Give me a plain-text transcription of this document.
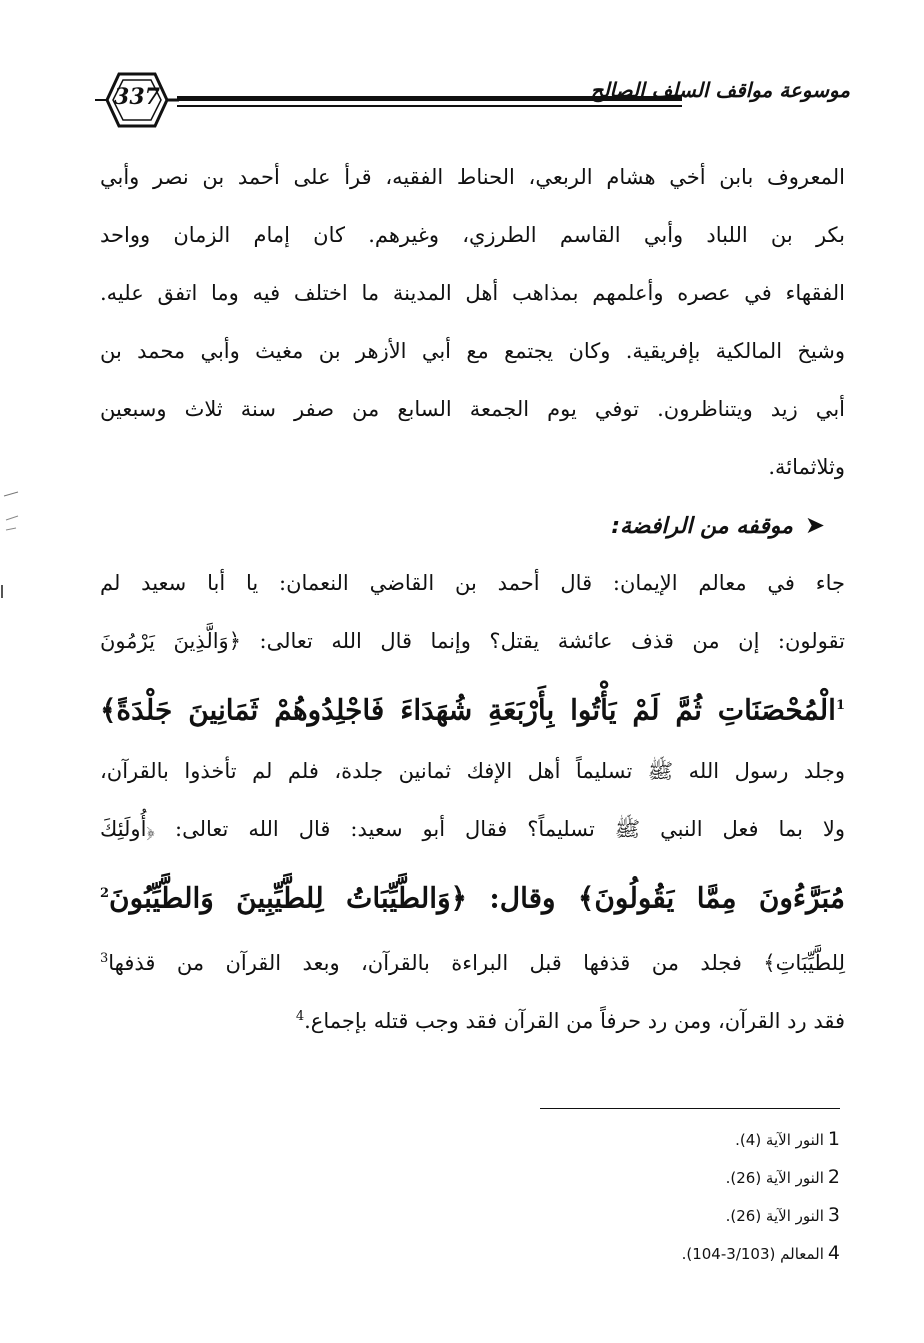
337	موسوعة مواقف السلف الصالح
المعروف بابن أخي هشام الربعي، الحناط الفقيه، قرأ على أحمد بن نصر وأبي
بكر بن اللباد وأبي القاسم الطرزي، وغيرهم. كان إمام الزمان وواحد
الفقهاء في عصره وأعلمهم بمذاهب أهل المدينة ما اختلف فيه وما اتفق عليه.
وشيخ المالكية بإفريقية. وكان يجتمع مع أبي الأزهر بن مغيث وأبي محمد بن
أبي زيد ويتناظرون. توفي يوم الجمعة السابع من صفر سنة ثلاث وسبعين
وثلاثمائة.
➤موقفه من الرافضة:
جاء في معالم الإيمان: قال أحمد بن القاضي النعمان: يا أبا سعيد لم
تقولون: إن من قذف عائشة يقتل؟ وإنما قال الله تعالى: ﴿وَالَّذِينَ يَرْمُونَ
$^1$الْمُحْصَنَاتِ ثُمَّ لَمْ يَأْتُوا بِأَرْبَعَةِ شُهَدَاءَ فَاجْلِدُوهُمْ ثَمَانِينَ جَلْدَةً﴾
وجلد رسول الله ﷺ تسليماً أهل الإفك ثمانين جلدة، فلم لم تأخذوا بالقرآن،
ولا بما فعل النبي ﷺ تسليماً؟ فقال أبو سعيد: قال الله تعالى: ﴿أُولَئِكَ
مُبَرَّءُونَ مِمَّا يَقُولُونَ﴾ وقال: ﴿وَالطَّيِّبَاتُ لِلطَّيِّبِينَ وَالطَّيِّبُونَ$^2$
لِلطَّيِّبَاتِ﴾ فجلد من قذفها قبل البراءة بالقرآن، وبعد القرآن من قذفها$^3$
فقد رد القرآن، ومن رد حرفاً من القرآن فقد وجب قتله بإجماع.$^4$
1النور الآية (4).
2النور الآية (26).
3النور الآية (26).
4المعالم (3/103-104).
